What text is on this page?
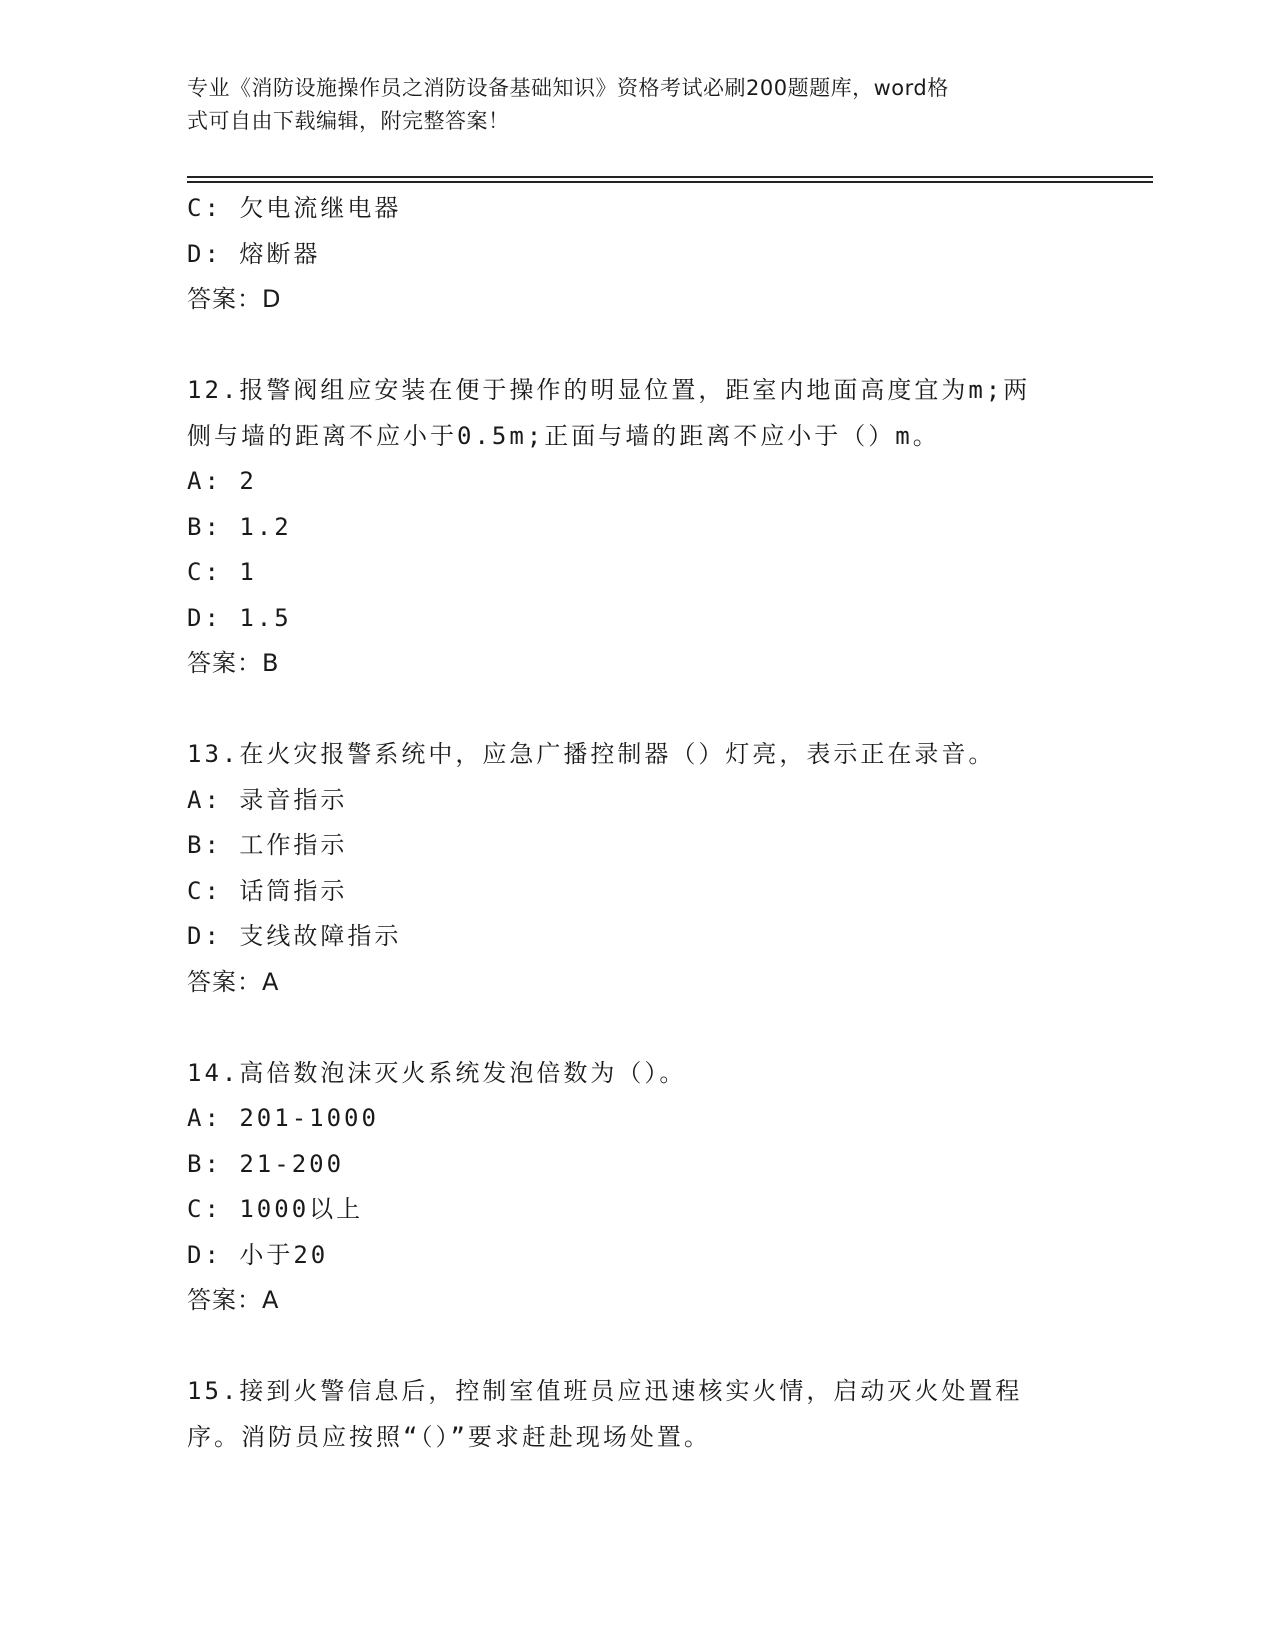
专业《消防设施操作员之消防设备基础知识》资格考试必刷200题题库，word格
式可自由下载编辑，附完整答案！
C: 欠电流继电器
D: 熔断器
答案：D
12.报警阀组应安装在便于操作的明显位置，距室内地面高度宜为m;两
侧与墙的距离不应小于0.5m;正面与墙的距离不应小于（）m。
A: 2
B: 1.2
C: 1
D: 1.5
答案：B
13.在火灾报警系统中，应急广播控制器（）灯亮，表示正在录音。
A: 录音指示
B: 工作指示
C: 话筒指示
D: 支线故障指示
答案：A
14.高倍数泡沫灭火系统发泡倍数为（）。
A: 201-1000
B: 21-200
C: 1000以上
D: 小于20
答案：A
15.接到火警信息后，控制室值班员应迅速核实火情，启动灭火处置程
序。消防员应按照“（）”要求赶赴现场处置。
